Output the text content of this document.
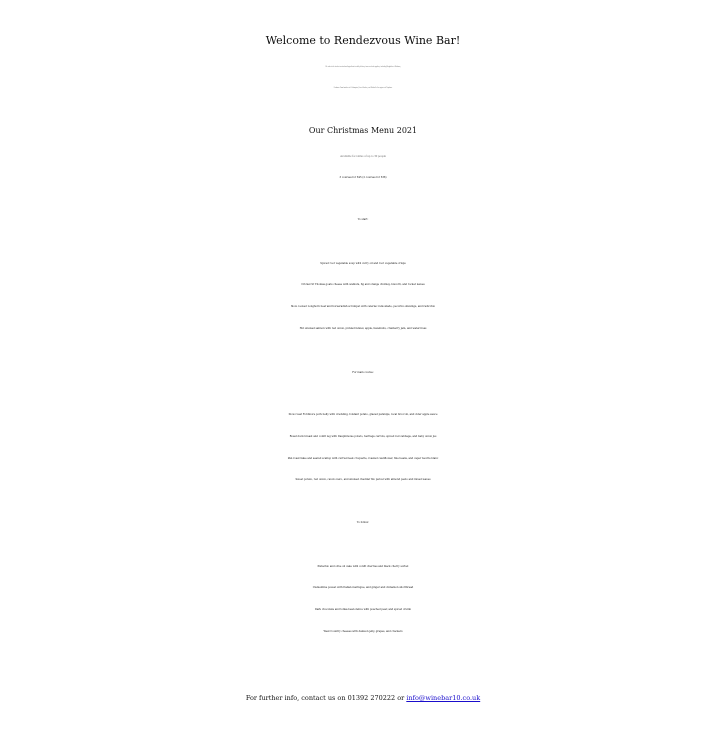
Welcome to Rendezvous Wine Bar!
We order in the freshest seafood and ingredients for daily delivery from our local suppliers, including Kingfisher of Brixham,
Fordmore Farm butchers of Cullompton, Forest Produce, and Richard's Greengrocer of Topsham.
Our Christmas Menu 2021
Available for tables of up to 30 people
3 courses for £45 (2 courses for £38)
To start:
Spiced root vegetable soup with curry oil and root vegetable crisps
Cricket St Thomas goats cheese with walnuts, fig and orange chutney, biscotti, and rocket leaves
Slow cooked Longhorn beef and horseradish scrumpet with celeriac remoulade, pecorino shavings, and radicchio
Hot smoked salmon with red onion, pickled fennel, apple, hazelnuts, cranberry jam, and watercress
For main course:
Slow roast Fordmore pork belly with crackling, fondant potato, glazed parsnips, local broccoli, and cider apple sauce
Roast duck breast and confit leg with Dauphinoise potato, heritage carrots, spiced red cabbage, and baby onion jus
Pan roast hake and seared scallop with curried leek croquette, roasted cauliflower, fine beans, and caper beurre blanc
Sweet potato, red onion, cavolo nero, and smoked cheddar filo parcel with almond pesto and mixed leaves
To follow:
Pistachio and olive oil cake with confit cherries and black cherry sorbet
Clementine posset with Italian meringue, and ginger and cinnamon shortbread
Dark chocolate and tonka bean delice with poached pear, and spiced crumb
West Country cheeses with damson jelly, grapes, and crackers
For further info, contact us on 01392 270222 or info@winebar10.co.uk
